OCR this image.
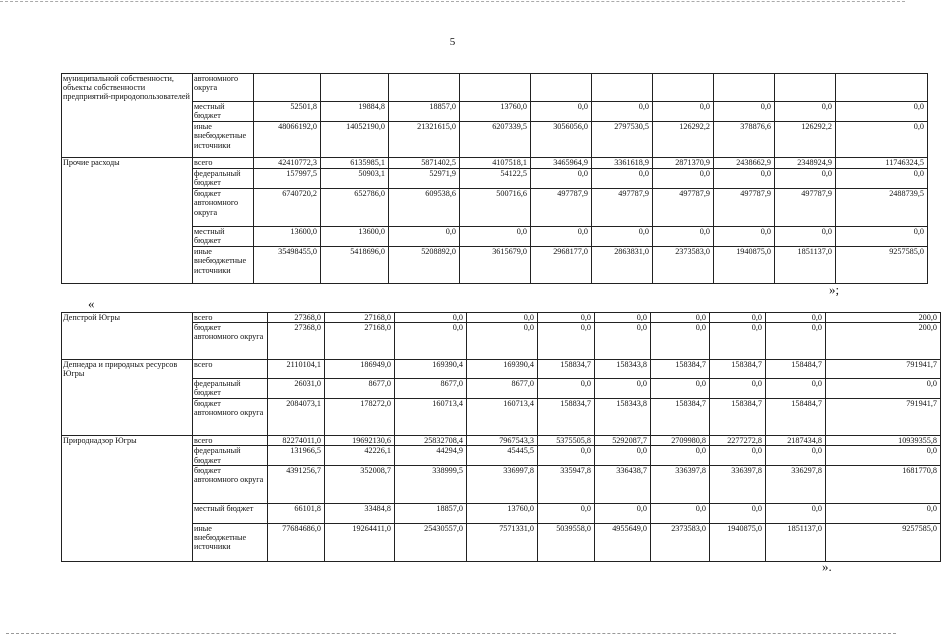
5
муниципальной собственности, объекты собственности предприятий-природопользователей	автономного округа										
	местный бюджет	52501,8	19884,8	18857,0	13760,0	0,0	0,0	0,0	0,0	0,0	0,0
	иные внебюджетные источники	48066192,0	14052190,0	21321615,0	6207339,5	3056056,0	2797530,5	126292,2	378876,6	126292,2	0,0
Прочие расходы	всего	42410772,3	6135985,1	5871402,5	4107518,1	3465964,9	3361618,9	2871370,9	2438662,9	2348924,9	11746324,5
	федеральный бюджет	157997,5	50903,1	52971,9	54122,5	0,0	0,0	0,0	0,0	0,0	0,0
	бюджет автономного округа	6740720,2	652786,0	609538,6	500716,6	497787,9	497787,9	497787,9	497787,9	497787,9	2488739,5
	местный бюджет	13600,0	13600,0	0,0	0,0	0,0	0,0	0,0	0,0	0,0	0,0
	иные внебюджетные источники	35498455,0	5418696,0	5208892,0	3615679,0	2968177,0	2863831,0	2373583,0	1940875,0	1851137,0	9257585,0
»;
«
Депстрой Югры	всего	27368,0	27168,0	0,0	0,0	0,0	0,0	0,0	0,0	0,0	200,0
	бюджет автономного округа	27368,0	27168,0	0,0	0,0	0,0	0,0	0,0	0,0	0,0	200,0
Депнедра и природных ресурсов Югры	всего	2110104,1	186949,0	169390,4	169390,4	158834,7	158343,8	158384,7	158384,7	158484,7	791941,7
	федеральный бюджет	26031,0	8677,0	8677,0	8677,0	0,0	0,0	0,0	0,0	0,0	0,0
	бюджет автономного округа	2084073,1	178272,0	160713,4	160713,4	158834,7	158343,8	158384,7	158384,7	158484,7	791941,7
Природнадзор Югры	всего	82274011,0	19692130,6	25832708,4	7967543,3	5375505,8	5292087,7	2709980,8	2277272,8	2187434,8	10939355,8
	федеральный бюджет	131966,5	42226,1	44294,9	45445,5	0,0	0,0	0,0	0,0	0,0	0,0
	бюджет автономного округа	4391256,7	352008,7	338999,5	336997,8	335947,8	336438,7	336397,8	336397,8	336297,8	1681770,8
	местный бюджет	66101,8	33484,8	18857,0	13760,0	0,0	0,0	0,0	0,0	0,0	0,0
	иные внебюджетные источники	77684686,0	19264411,0	25430557,0	7571331,0	5039558,0	4955649,0	2373583,0	1940875,0	1851137,0	9257585,0
».
